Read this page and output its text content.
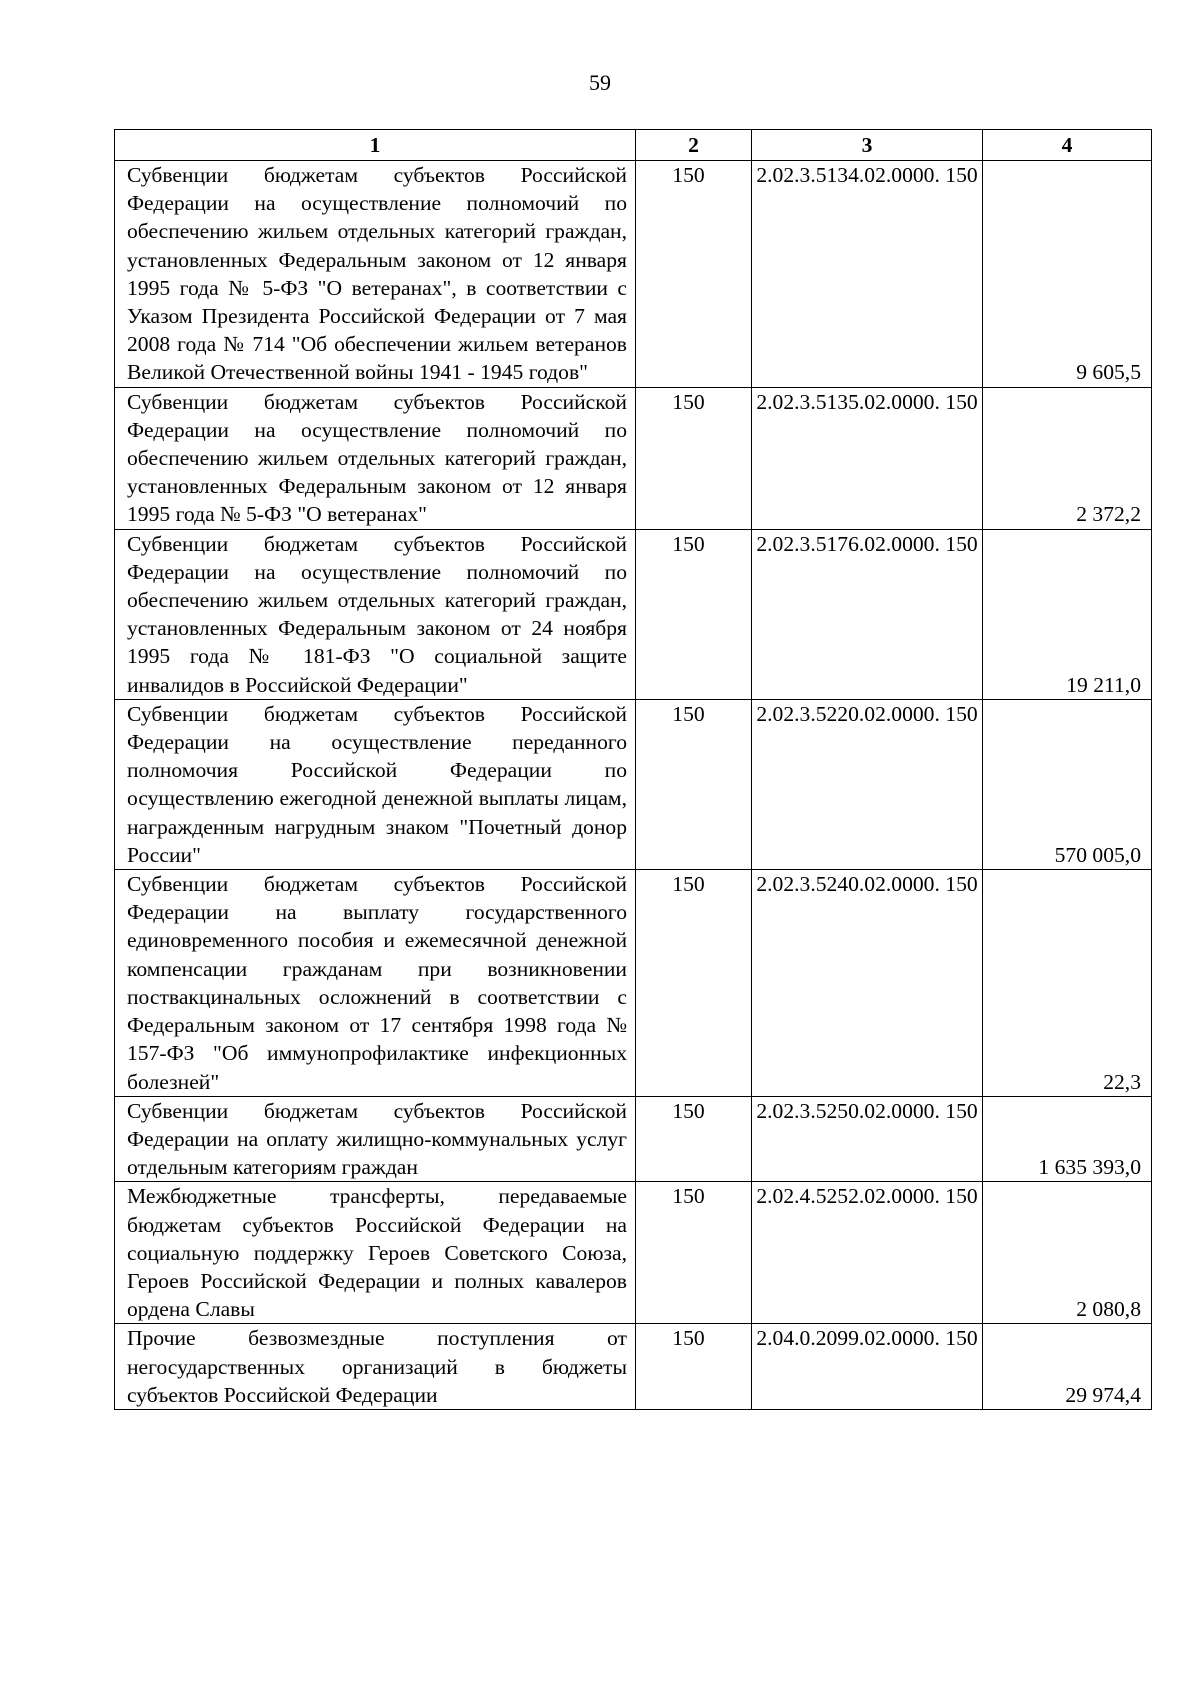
59
1	2	3	4
Субвенции бюджетам субъектов Российской Федерации на осуществление полномочий по обеспечению жильем отдельных категорий граждан, установленных Федеральным законом от 12 января 1995 года № 5-ФЗ "О ветеранах", в соответствии с Указом Президента Российской Федерации от 7 мая 2008 года № 714 "Об обеспечении жильем ветеранов Великой Отечественной войны 1941 - 1945 годов"	150	2.02.3.5134.02.0000. 150	9 605,5
Субвенции бюджетам субъектов Российской Федерации на осуществление полномочий по обеспечению жильем отдельных категорий граждан, установленных Федеральным законом от 12 января 1995 года № 5-ФЗ "О ветеранах"	150	2.02.3.5135.02.0000. 150	2 372,2
Субвенции бюджетам субъектов Российской Федерации на осуществление полномочий по обеспечению жильем отдельных категорий граждан, установленных Федеральным законом от 24 ноября 1995 года № 181-ФЗ "О социальной защите инвалидов в Российской Федерации"	150	2.02.3.5176.02.0000. 150	19 211,0
Субвенции бюджетам субъектов Российской Федерации на осуществление переданного полномочия Российской Федерации по осуществлению ежегодной денежной выплаты лицам, награжденным нагрудным знаком "Почетный донор России"	150	2.02.3.5220.02.0000. 150	570 005,0
Субвенции бюджетам субъектов Российской Федерации на выплату государственного единовременного пособия и ежемесячной денежной компенсации гражданам при возникновении поствакцинальных осложнений в соответствии с Федеральным законом от 17 сентября 1998 года № 157-ФЗ "Об иммунопрофилактике инфекционных болезней"	150	2.02.3.5240.02.0000. 150	22,3
Субвенции бюджетам субъектов Российской Федерации на оплату жилищно-коммунальных услуг отдельным категориям граждан	150	2.02.3.5250.02.0000. 150	1 635 393,0
Межбюджетные трансферты, передаваемые бюджетам субъектов Российской Федерации на социальную поддержку Героев Советского Союза, Героев Российской Федерации и полных кавалеров ордена Славы	150	2.02.4.5252.02.0000. 150	2 080,8
Прочие безвозмездные поступления от негосударственных организаций в бюджеты субъектов Российской Федерации	150	2.04.0.2099.02.0000. 150	29 974,4
